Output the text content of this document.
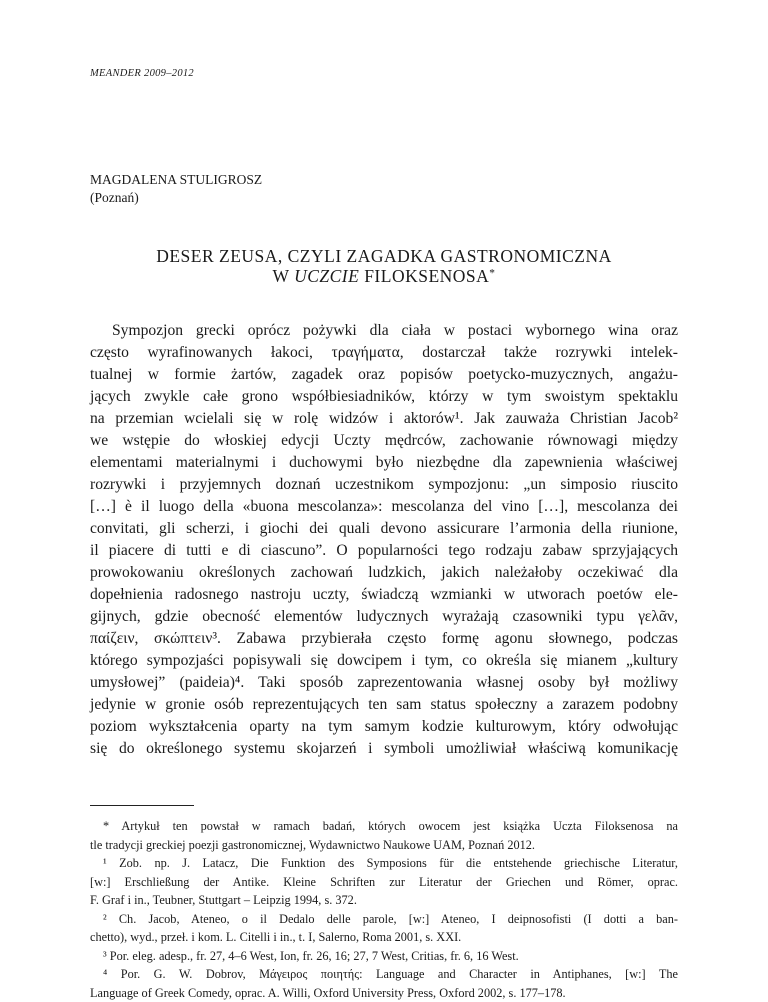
MEANDER 2009–2012
MAGDALENA STULIGROSZ
(Poznań)
DESER ZEUSA, CZYLI ZAGADKA GASTRONOMICZNA
W UCZCIE FILOKSENOSA*
Sympozjon grecki oprócz pożywki dla ciała w postaci wybornego wina oraz
często wyrafinowanych łakoci, τραγήματα, dostarczał także rozrywki intelek-
tualnej w formie żartów, zagadek oraz popisów poetycko-muzycznych, angażu-
jących zwykle całe grono współbiesiadników, którzy w tym swoistym spektaklu
na przemian wcielali się w rolę widzów i aktorów¹. Jak zauważa Christian Jacob²
we wstępie do włoskiej edycji Uczty mędrców, zachowanie równowagi między
elementami materialnymi i duchowymi było niezbędne dla zapewnienia właściwej
rozrywki i przyjemnych doznań uczestnikom sympozjonu: „un simposio riuscito
[…] è il luogo della «buona mescolanza»: mescolanza del vino […], mescolanza dei
convitati, gli scherzi, i giochi dei quali devono assicurare l’armonia della riunione,
il piacere di tutti e di ciascuno”. O popularności tego rodzaju zabaw sprzyjających
prowokowaniu określonych zachowań ludzkich, jakich należałoby oczekiwać dla
dopełnienia radosnego nastroju uczty, świadczą wzmianki w utworach poetów ele-
gijnych, gdzie obecność elementów ludycznych wyrażają czasowniki typu γελᾶν,
παίζειν, σκώπτειν³. Zabawa przybierała często formę agonu słownego, podczas
którego sympozjaści popisywali się dowcipem i tym, co określa się mianem „kultury
umysłowej” (paideia)⁴. Taki sposób zaprezentowania własnej osoby był możliwy
jedynie w gronie osób reprezentujących ten sam status społeczny a zarazem podobny
poziom wykształcenia oparty na tym samym kodzie kulturowym, który odwołując
się do określonego systemu skojarzeń i symboli umożliwiał właściwą komunikację
* Artykuł ten powstał w ramach badań, których owocem jest książka Uczta Filoksenosa na
tle tradycji greckiej poezji gastronomicznej, Wydawnictwo Naukowe UAM, Poznań 2012.
¹ Zob. np. J. Latacz, Die Funktion des Symposions für die entstehende griechische Literatur,
[w:] Erschließung der Antike. Kleine Schriften zur Literatur der Griechen und Römer, oprac.
F. Graf i in., Teubner, Stuttgart – Leipzig 1994, s. 372.
² Ch. Jacob, Ateneo, o il Dedalo delle parole, [w:] Ateneo, I deipnosofisti (I dotti a ban-
chetto), wyd., przeł. i kom. L. Citelli i in., t. I, Salerno, Roma 2001, s. XXI.
³ Por. eleg. adesp., fr. 27, 4–6 West, Ion, fr. 26, 16; 27, 7 West, Critias, fr. 6, 16 West.
⁴ Por. G. W. Dobrov, Μάγειρος ποιητής: Language and Character in Antiphanes, [w:] The
Language of Greek Comedy, oprac. A. Willi, Oxford University Press, Oxford 2002, s. 177–178.
